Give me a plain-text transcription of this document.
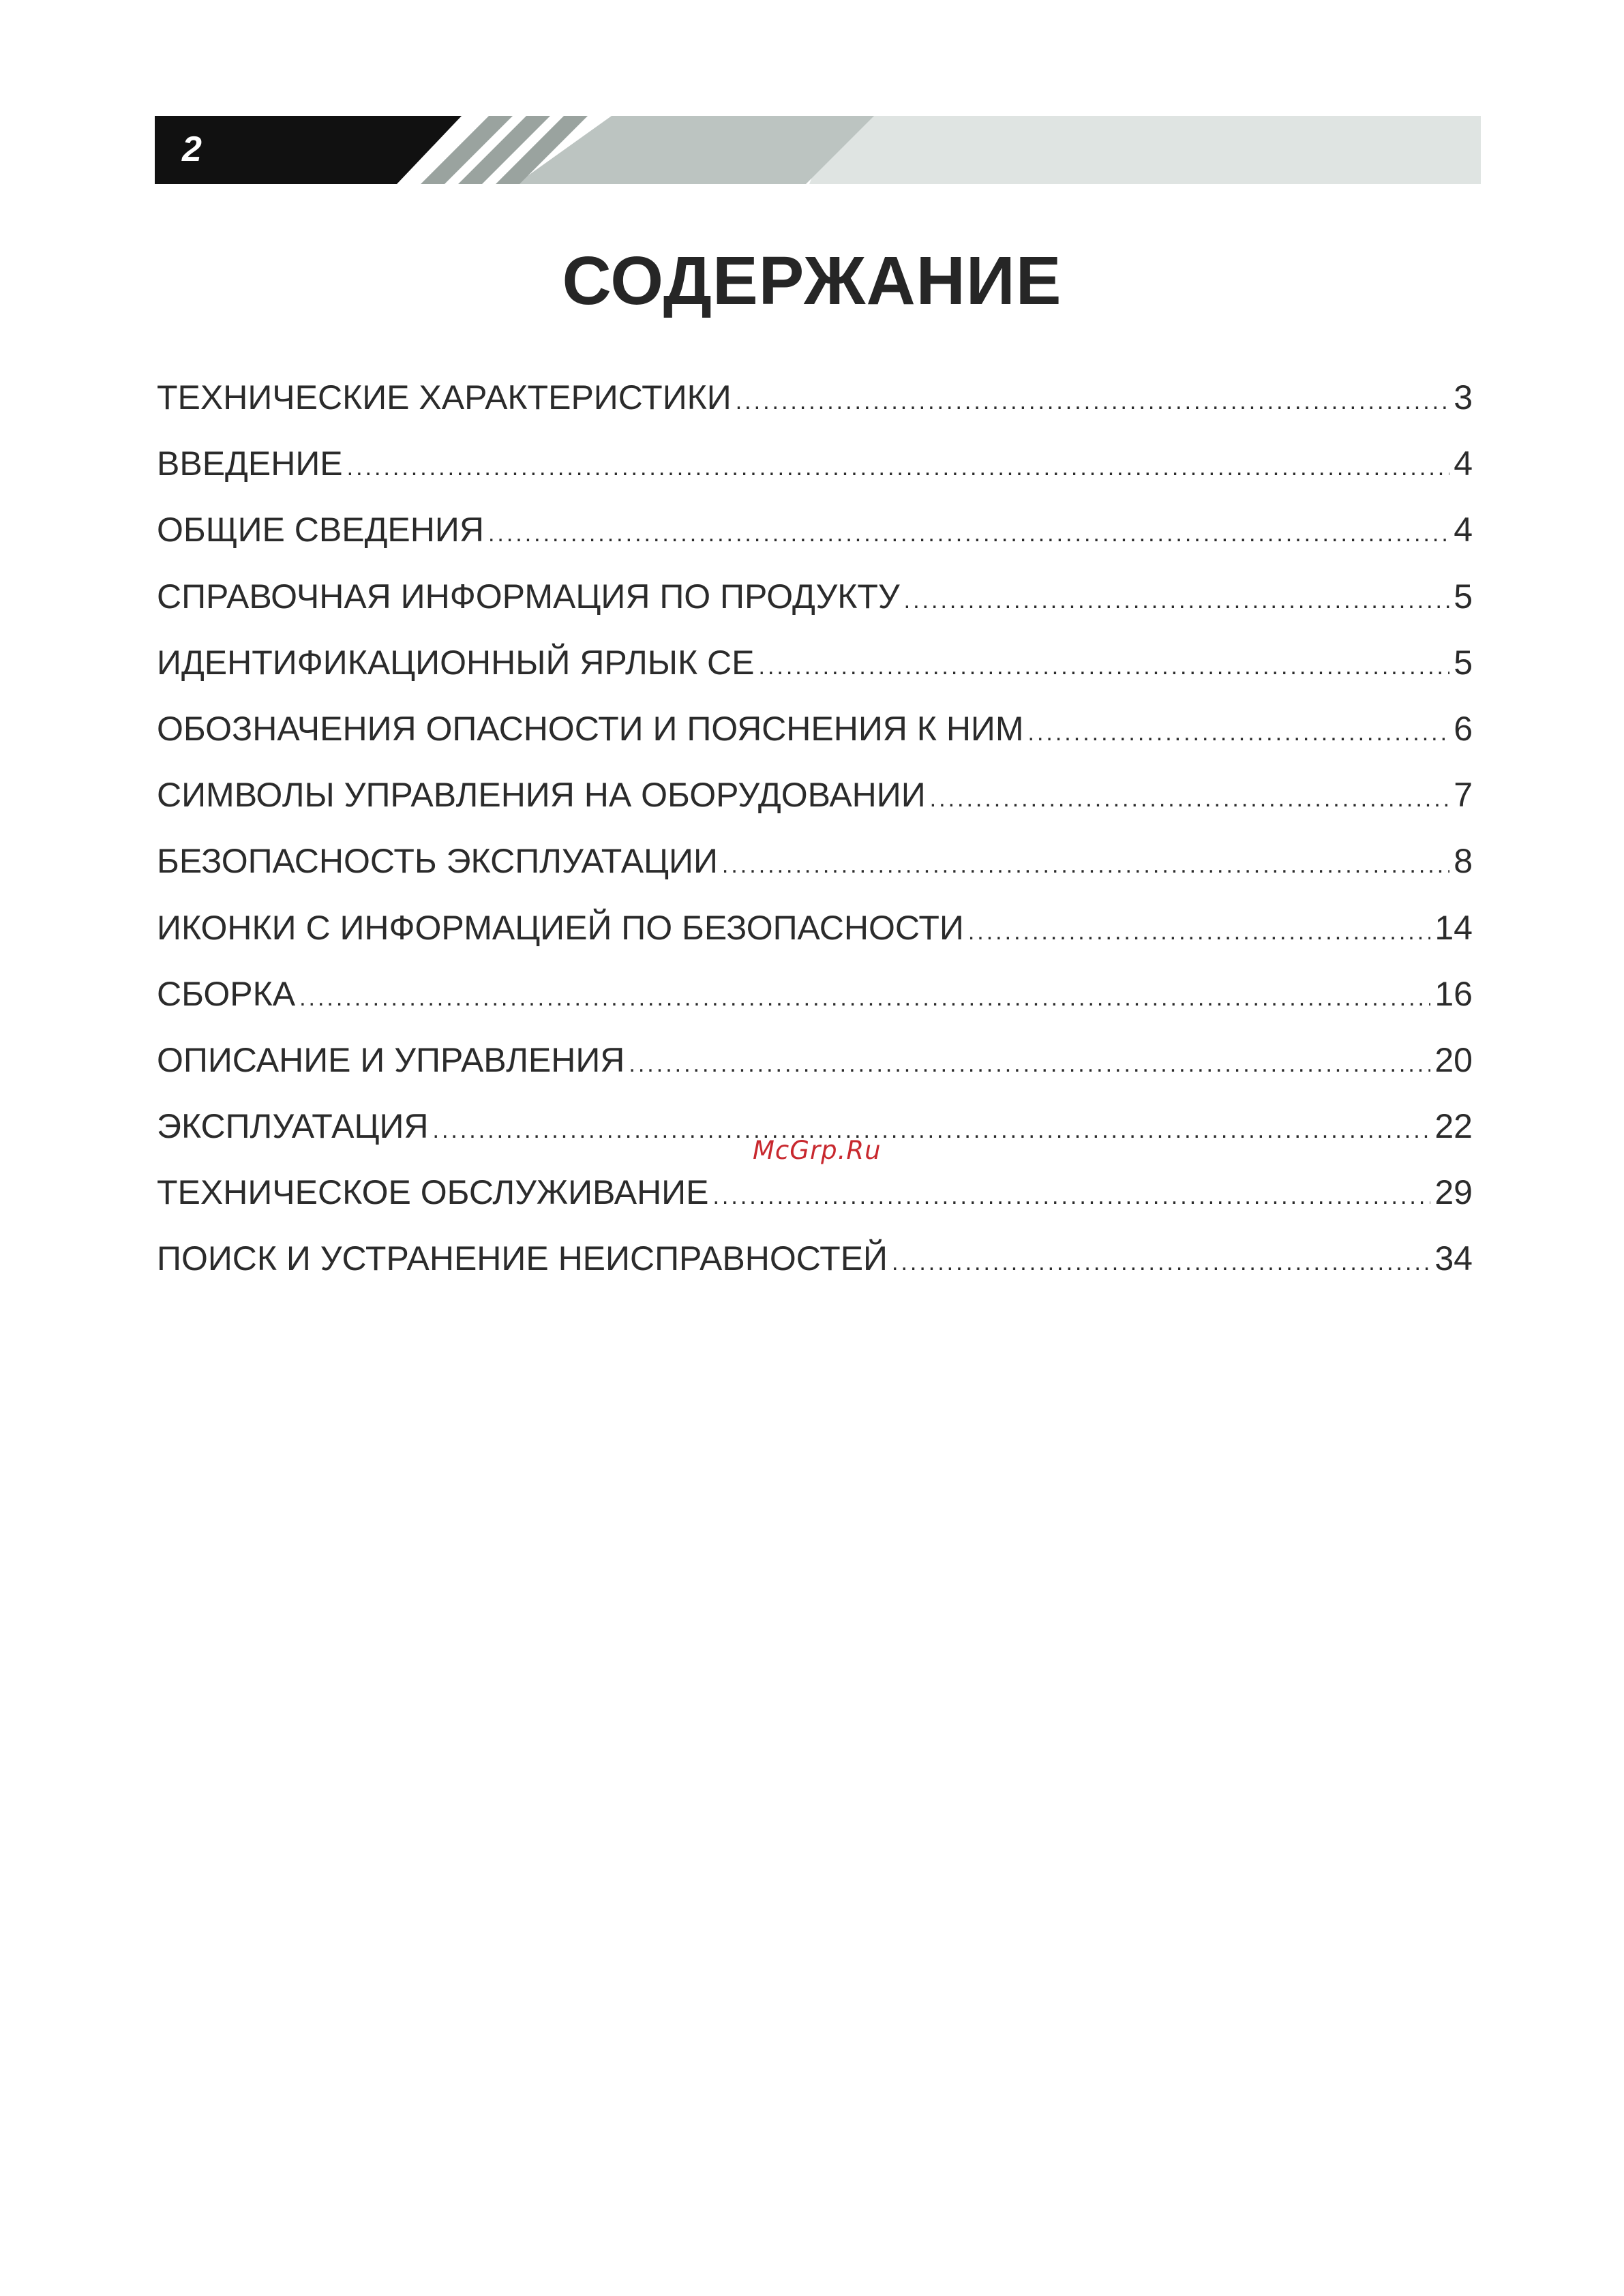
2
СОДЕРЖАНИЕ
ТЕХНИЧЕСКИЕ ХАРАКТЕРИСТИКИ .....	3
ВВЕДЕНИЕ .....	4
ОБЩИЕ СВЕДЕНИЯ .....	4
СПРАВОЧНАЯ ИНФОРМАЦИЯ ПО ПРОДУКТУ .....	5
ИДЕНТИФИКАЦИОННЫЙ ЯРЛЫК CE .....	5
ОБОЗНАЧЕНИЯ ОПАСНОСТИ И ПОЯСНЕНИЯ К НИМ .....	6
СИМВОЛЫ УПРАВЛЕНИЯ НА ОБОРУДОВАНИИ .....	7
БЕЗОПАСНОСТЬ ЭКСПЛУАТАЦИИ .....	8
ИКОНКИ С ИНФОРМАЦИЕЙ ПО БЕЗОПАСНОСТИ .....	14
СБОРКА .....	16
ОПИСАНИЕ И УПРАВЛЕНИЯ .....	20
ЭКСПЛУАТАЦИЯ .....	22
ТЕХНИЧЕСКОЕ ОБСЛУЖИВАНИЕ .....	29
ПОИСК И УСТРАНЕНИЕ НЕИСПРАВНОСТЕЙ .....	34
McGrp.Ru
